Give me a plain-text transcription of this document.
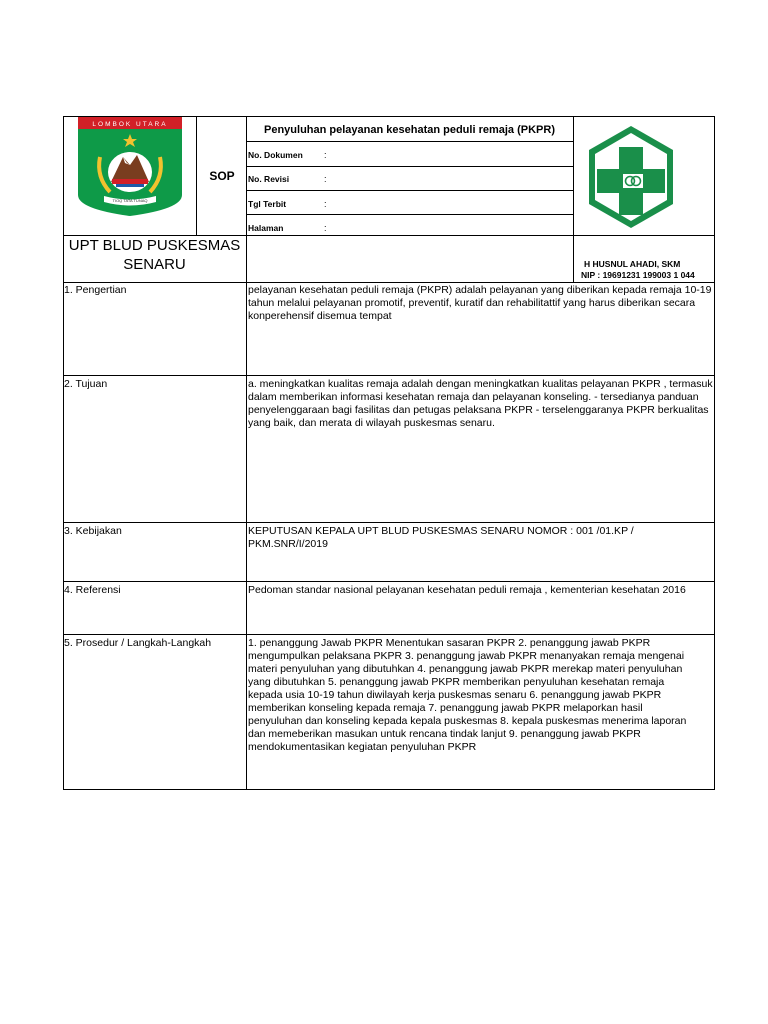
LOMBOK UTARA
TIOQ TATA TUNAQ
SOP
Penyuluhan pelayanan kesehatan peduli remaja (PKPR)
No. Dokumen :
No. Revisi	:
Tgl Terbit	:
Halaman	:
UPT BLUD PUSKESMAS
SENARU	H HUSNUL AHADI, SKM
NIP : 19691231 199003 1 044
1. Pengertian	pelayanan kesehatan peduli remaja (PKPR) adalah pelayanan yang diberikan kepada remaja 10-19 tahun melalui pelayanan promotif, preventif, kuratif dan rehabilitattif yang harus diberikan secara konperehensif disemua tempat
2. Tujuan	a. meningkatkan kualitas remaja adalah dengan meningkatkan kualitas pelayanan PKPR , termasuk dalam memberikan informasi kesehatan remaja dan pelayanan konseling. - tersedianya panduan penyelenggaraan bagi fasilitas dan petugas pelaksana PKPR - terselenggaranya PKPR berkualitas yang baik, dan merata di wilayah puskesmas senaru.
3. Kebijakan	KEPUTUSAN KEPALA UPT BLUD PUSKESMAS SENARU NOMOR : 001 /01.KP / PKM.SNR/I/2019
4. Referensi	Pedoman standar nasional pelayanan kesehatan peduli remaja , kementerian kesehatan 2016
5. Prosedur / Langkah-Langkah	1. penanggung Jawab PKPR Menentukan sasaran PKPR 2. penanggung jawab PKPR mengumpulkan pelaksana PKPR 3. penanggung jawab PKPR menanyakan remaja mengenai materi penyuluhan yang dibutuhkan 4. penanggung jawab PKPR merekap materi penyuluhan yang dibutuhkan 5. penanggung jawab PKPR memberikan penyuluhan kesehatan remaja kepada usia 10-19 tahun diwilayah kerja puskesmas senaru 6. penanggung jawab PKPR memberikan konseling kepada remaja 7. penanggung jawab PKPR melaporkan hasil penyuluhan dan konseling kepada kepala puskesmas 8. kepala puskesmas menerima laporan dan memeberikan masukan untuk rencana tindak lanjut 9. penanggung jawab PKPR mendokumentasikan kegiatan penyuluhan PKPR
